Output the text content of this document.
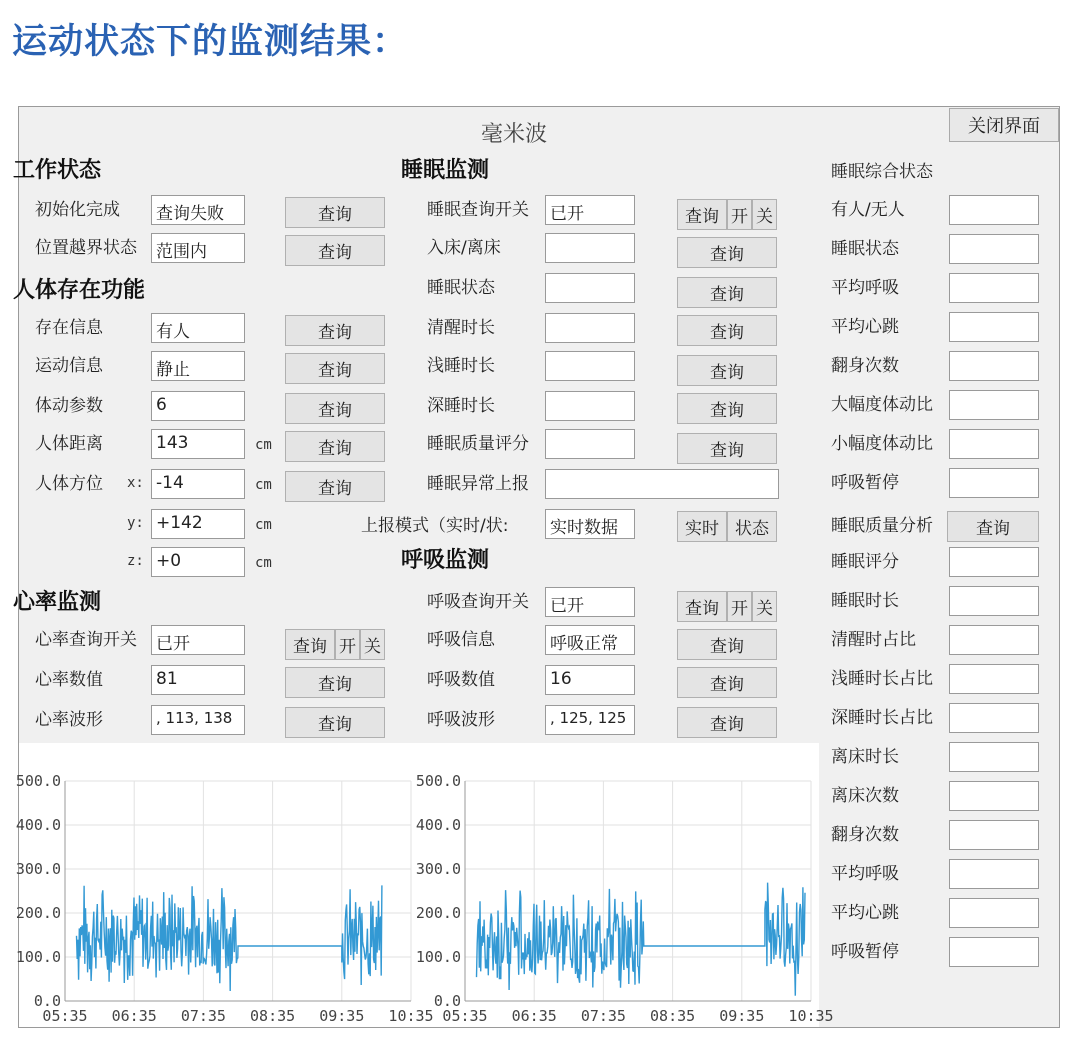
运动状态下的监测结果：
毫米波	关闭界面
工作状态
初始化完成 查询失败	查询
位置越界状态 范围内	查询
人体存在功能
存在信息	有人	查询
运动信息	静止	查询
体动参数	6	查询
人体距离	143	cm	查询
人体方位 x: -14	cm	查询
y: +142	cm
z: +0	cm
心率监测
心率查询开关 已开	查询 开 关
心率数值	81	查询
心率波形	, 113, 138	查询
睡眠监测
睡眠查询开关 已开	查询 开 关
入床/离床	查询
睡眠状态	查询
清醒时长	查询
浅睡时长	查询
深睡时长	查询
睡眠质量评分	查询
睡眠异常上报
上报模式（实时/状: 实时数据	实时 状态
呼吸监测
呼吸查询开关 已开	查询 开 关
呼吸信息	呼吸正常	查询
呼吸数值	16	查询
呼吸波形	, 125, 125	查询
睡眠综合状态
有人/无人
睡眠状态
平均呼吸
平均心跳
翻身次数
大幅度体动比
小幅度体动比
呼吸暂停
睡眠质量分析	查询
睡眠评分
睡眠时长
清醒时占比
浅睡时长占比
深睡时长占比
离床时长
离床次数
翻身次数
平均呼吸
平均心跳
呼吸暂停
0.0
100.0
200.0
300.0
400.0
500.0
05:35 06:35 07:35 08:35 09:35 10:35
0.0
100.0
200.0
300.0
400.0
500.0
05:35 06:35 07:35 08:35 09:35 10:35
